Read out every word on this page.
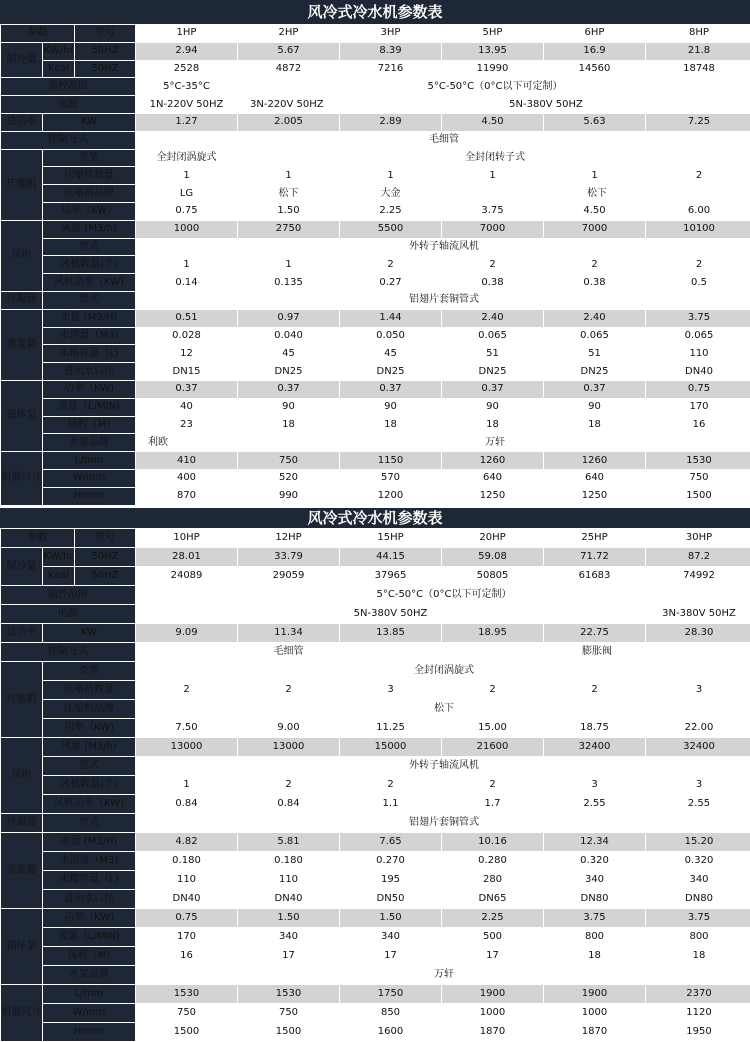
风冷式冷水机参数表
参数		型号	1HP	2HP	3HP	5HP	6HP	8HP
制冷量	KW/hr	50HZ	2.94	5.67	8.39	13.95	16.9	21.8
	Kcal	50HZ	2528	4872	7216	11990	14560	18748
温控范围			5°C-35°C	5°C-50°C（0°C以下可定制）				
电源			1N-220V 50HZ	3N-220V 50HZ	5N-380V 50HZ			
总功率	KW		1.27	2.005	2.89	4.50	5.63	7.25
控制方式			毛细管					
压缩机	类型		全封闭涡旋式	全封闭转子式				
	压缩机数量		1	1	1	1	1	2
	压缩机品牌		LG	松下	大金	松下		
	功率（KW）		0.75	1.50	2.25	3.75	4.50	6.00
风机	风量 (M3/h)		1000	2750	5500	7000	7000	10100
	型式		外转子轴流风机					
	风机数量(个)		1	1	2	2	2	2
	风机功率（KW)		0.14	0.135	0.27	0.38	0.38	0.5
冷凝器	型式		铝翅片套铜管式					
蒸发器	水量 (M3/H)		0.51	0.97	1.44	2.40	2.40	3.75
	水溶量（M3)		0.028	0.040	0.050	0.065	0.065	0.065
	水箱容量（L)		12	45	45	51	51	110
	进出水口径		DN15	DN25	DN25	DN25	DN25	DN40
循环泵	功率（KW)		0.37	0.37	0.37	0.37	0.37	0.75
	流量（L/MIN)		40	90	90	90	90	170
	扬程（M)		23	18	18	18	18	16
	水泵品牌		利欧	万轩				
机器尺寸	L/mm		410	750	1150	1260	1260	1530
	W/mm		400	520	570	640	640	750
	H/mm		870	990	1200	1250	1250	1500
风冷式冷水机参数表
参数		型号	10HP	12HP	15HP	20HP	25HP	30HP
制冷量	KW/hr	50HZ	28.01	33.79	44.15	59.08	71.72	87.2
	Kcal	50HZ	24089	29059	37965	50805	61683	74992
温控范围			5°C-50°C（0°C以下可定制）					
电源			5N-380V 50HZ					3N-380V 50HZ
总功率	KW		9.09	11.34	13.85	18.95	22.75	28.30
控制方式			毛细管			膨胀阀		
压缩机	类型		全封闭涡旋式					
	压缩机数量		2	2	3	2	2	3
	压缩机品牌		松下					
	功率（KW)		7.50	9.00	11.25	15.00	18.75	22.00
风机	风量 (M3/h)		13000	13000	15000	21600	32400	32400
	型式		外转子轴流风机					
	风机数量(个)		1	2	2	2	3	3
	风机功率（KW)		0.84	0.84	1.1	1.7	2.55	2.55
冷凝器	型式		铝翅片套铜管式					
蒸发器	水量 (M3/H)		4.82	5.81	7.65	10.16	12.34	15.20
	水溶量（M3)		0.180	0.180	0.270	0.280	0.320	0.320
	水箱容量（L)		110	110	195	280	340	340
	进出水口径		DN40	DN40	DN50	DN65	DN80	DN80
循环泵	功率（KW)		0.75	1.50	1.50	2.25	3.75	3.75
	流量（L/MIN)		170	340	340	500	800	800
	扬程（M)		16	17	17	17	18	18
	水泵品牌		万轩					
机器尺寸	L/mm		1530	1530	1750	1900	1900	2370
	W/mm		750	750	850	1000	1000	1120
	H/mm		1500	1500	1600	1870	1870	1950
